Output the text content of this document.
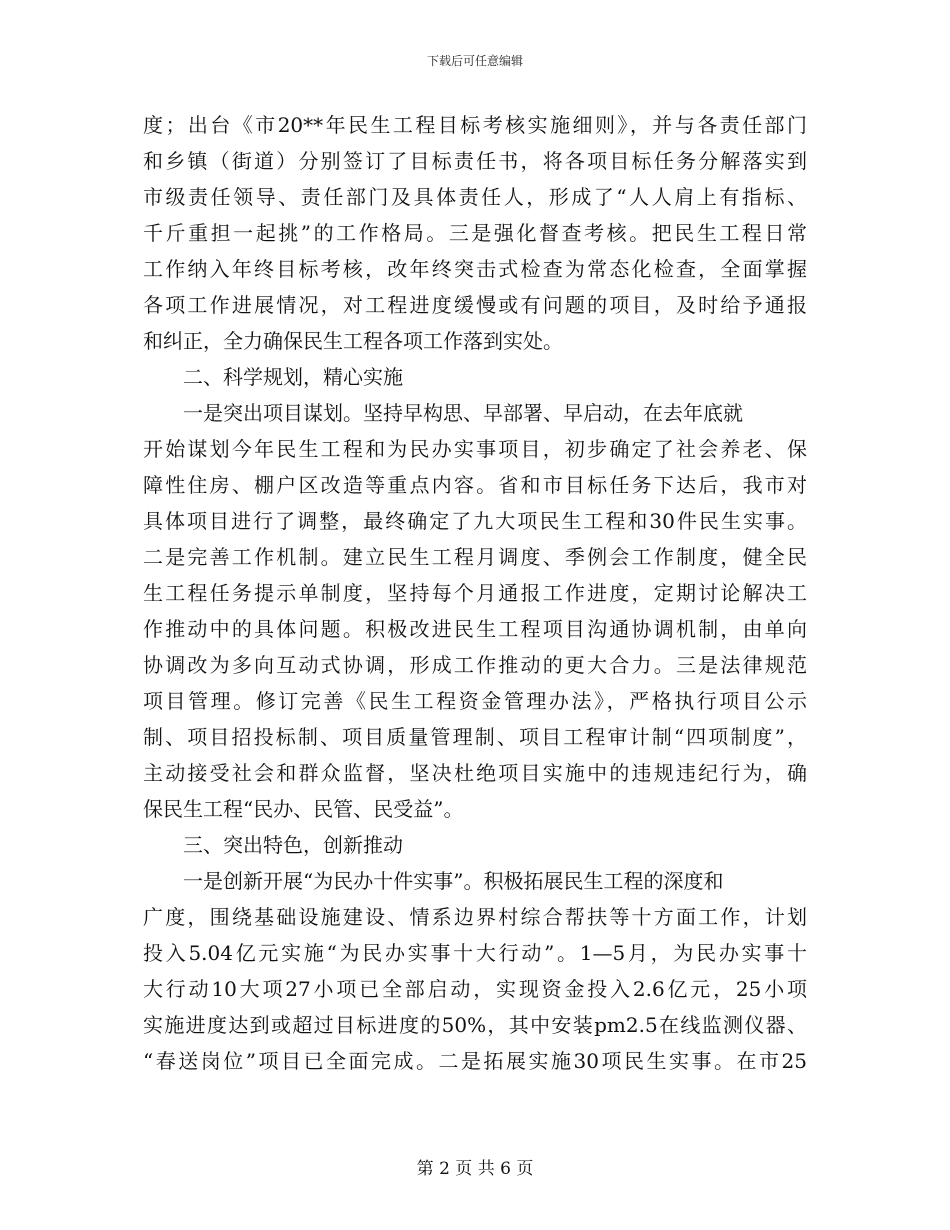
下载后可任意编辑
度；出台《市20**年民生工程目标考核实施细则》，并与各责任部门
和乡镇（街道）分别签订了目标责任书，将各项目标任务分解落实到
市级责任领导、责任部门及具体责任人，形成了“人人肩上有指标、
千斤重担一起挑”的工作格局。三是强化督查考核。把民生工程日常
工作纳入年终目标考核，改年终突击式检查为常态化检查，全面掌握
各项工作进展情况，对工程进度缓慢或有问题的项目，及时给予通报
和纠正，全力确保民生工程各项工作落到实处。
二、科学规划，精心实施
一是突出项目谋划。坚持早构思、早部署、早启动，在去年底就
开始谋划今年民生工程和为民办实事项目，初步确定了社会养老、保
障性住房、棚户区改造等重点内容。省和市目标任务下达后，我市对
具体项目进行了调整，最终确定了九大项民生工程和30件民生实事。
二是完善工作机制。建立民生工程月调度、季例会工作制度，健全民
生工程任务提示单制度，坚持每个月通报工作进度，定期讨论解决工
作推动中的具体问题。积极改进民生工程项目沟通协调机制，由单向
协调改为多向互动式协调，形成工作推动的更大合力。三是法律规范
项目管理。修订完善《民生工程资金管理办法》，严格执行项目公示
制、项目招投标制、项目质量管理制、项目工程审计制“四项制度”，
主动接受社会和群众监督，坚决杜绝项目实施中的违规违纪行为，确
保民生工程“民办、民管、民受益”。
三、突出特色，创新推动
一是创新开展“为民办十件实事”。积极拓展民生工程的深度和
广度，围绕基础设施建设、情系边界村综合帮扶等十方面工作，计划
投入5.04亿元实施“为民办实事十大行动”。1—5月，为民办实事十
大行动10大项27小项已全部启动，实现资金投入2.6亿元，25小项
实施进度达到或超过目标进度的50%，其中安装pm2.5在线监测仪器、
“春送岗位”项目已全面完成。二是拓展实施30项民生实事。在市25
第 2 页 共 6 页
